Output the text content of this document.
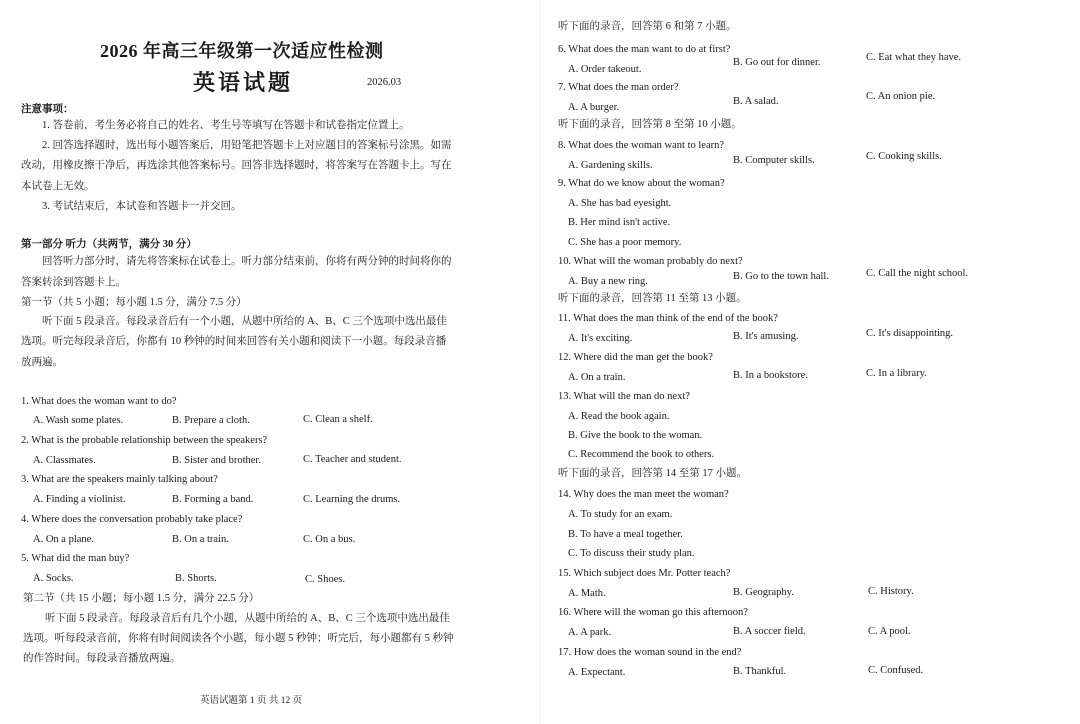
2026 年高三年级第一次适应性检测
英语试题	2026.03
注意事项：
1. 答卷前，考生务必将自己的姓名、考生号等填写在答题卡和试卷指定位置上。
2. 回答选择题时，选出每小题答案后，用铅笔把答题卡上对应题目的答案标号涂黑。如需
改动，用橡皮擦干净后，再选涂其他答案标号。回答非选择题时，将答案写在答题卡上。写在
本试卷上无效。
3. 考试结束后，本试卷和答题卡一并交回。
第一部分 听力（共两节，满分 30 分）
回答听力部分时，请先将答案标在试卷上。听力部分结束前，你将有两分钟的时间将你的
答案转涂到答题卡上。
第一节（共 5 小题；每小题 1.5 分，满分 7.5 分）
听下面 5 段录音。每段录音后有一个小题，从题中所给的 A、B、C 三个选项中选出最佳
选项。听完每段录音后，你都有 10 秒钟的时间来回答有关小题和阅读下一小题。每段录音播
放两遍。
1. What does the woman want to do?
A. Wash some plates.	B. Prepare a cloth.	C. Clean a shelf.
2. What is the probable relationship between the speakers?
A. Classmates.	B. Sister and brother.	C. Teacher and student.
3. What are the speakers mainly talking about?
A. Finding a violinist.	B. Forming a band.	C. Learning the drums.
4. Where does the conversation probably take place?
A. On a plane.	B. On a train.	C. On a bus.
5. What did the man buy?
A. Socks.	B. Shorts.	C. Shoes.
第二节（共 15 小题；每小题 1.5 分，满分 22.5 分）
听下面 5 段录音。每段录音后有几个小题，从题中所给的 A、B、C 三个选项中选出最佳
选项。听每段录音前，你将有时间阅读各个小题，每小题 5 秒钟；听完后，每小题都有 5 秒钟
的作答时间。每段录音播放两遍。
英语试题第 1 页 共 12 页
听下面的录音，回答第 6 和第 7 小题。
6. What does the man want to do at first?
A. Order takeout.
B. Go out for dinner.	C. Eat what they have.
7. What does the man order?
A. A burger.
B. A salad.	C. An onion pie.
听下面的录音，回答第 8 至第 10 小题。
8. What does the woman want to learn?
A. Gardening skills.	B. Computer skills.	C. Cooking skills.
9. What do we know about the woman?
A. She has bad eyesight.
B. Her mind isn't active.
C. She has a poor memory.
10. What will the woman probably do next?
A. Buy a new ring.	B. Go to the town hall.	C. Call the night school.
听下面的录音，回答第 11 至第 13 小题。
11. What does the man think of the end of the book?
A. It's exciting.	B. It's amusing.	C. It's disappointing.
12. Where did the man get the book?
A. On a train.	B. In a bookstore.	C. In a library.
13. What will the man do next?
A. Read the book again.
B. Give the book to the woman.
C. Recommend the book to others.
听下面的录音，回答第 14 至第 17 小题。
14. Why does the man meet the woman?
A. To study for an exam.
B. To have a meal together.
C. To discuss their study plan.
15. Which subject does Mr. Potter teach?
A. Math.	B. Geography.	C. History.
16. Where will the woman go this afternoon?
A. A park.	B. A soccer field.	C. A pool.
17. How does the woman sound in the end?
A. Expectant.	B. Thankful.	C. Confused.
